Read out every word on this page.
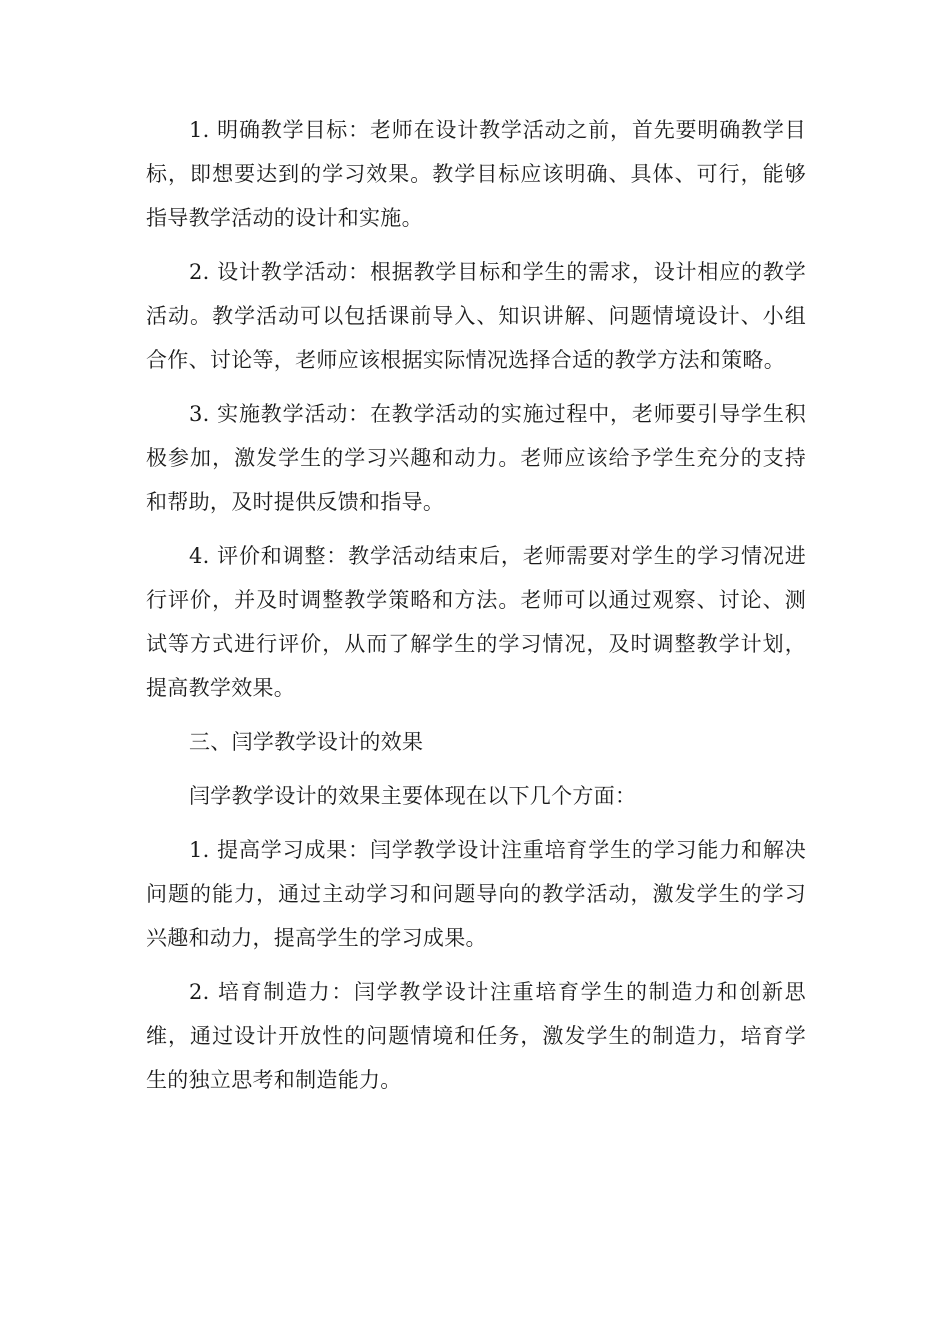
1. 明确教学目标：老师在设计教学活动之前，首先要明确教学目标，即想要达到的学习效果。教学目标应该明确、具体、可行，能够指导教学活动的设计和实施。

2. 设计教学活动：根据教学目标和学生的需求，设计相应的教学活动。教学活动可以包括课前导入、知识讲解、问题情境设计、小组合作、讨论等，老师应该根据实际情况选择合适的教学方法和策略。

3. 实施教学活动：在教学活动的实施过程中，老师要引导学生积极参加，激发学生的学习兴趣和动力。老师应该给予学生充分的支持和帮助，及时提供反馈和指导。

4. 评价和调整：教学活动结束后，老师需要对学生的学习情况进行评价，并及时调整教学策略和方法。老师可以通过观察、讨论、测试等方式进行评价，从而了解学生的学习情况，及时调整教学计划，提高教学效果。

三、闫学教学设计的效果

闫学教学设计的效果主要体现在以下几个方面：

1. 提高学习成果：闫学教学设计注重培育学生的学习能力和解决问题的能力，通过主动学习和问题导向的教学活动，激发学生的学习兴趣和动力，提高学生的学习成果。

2. 培育制造力：闫学教学设计注重培育学生的制造力和创新思维，通过设计开放性的问题情境和任务，激发学生的制造力，培育学生的独立思考和制造能力。
